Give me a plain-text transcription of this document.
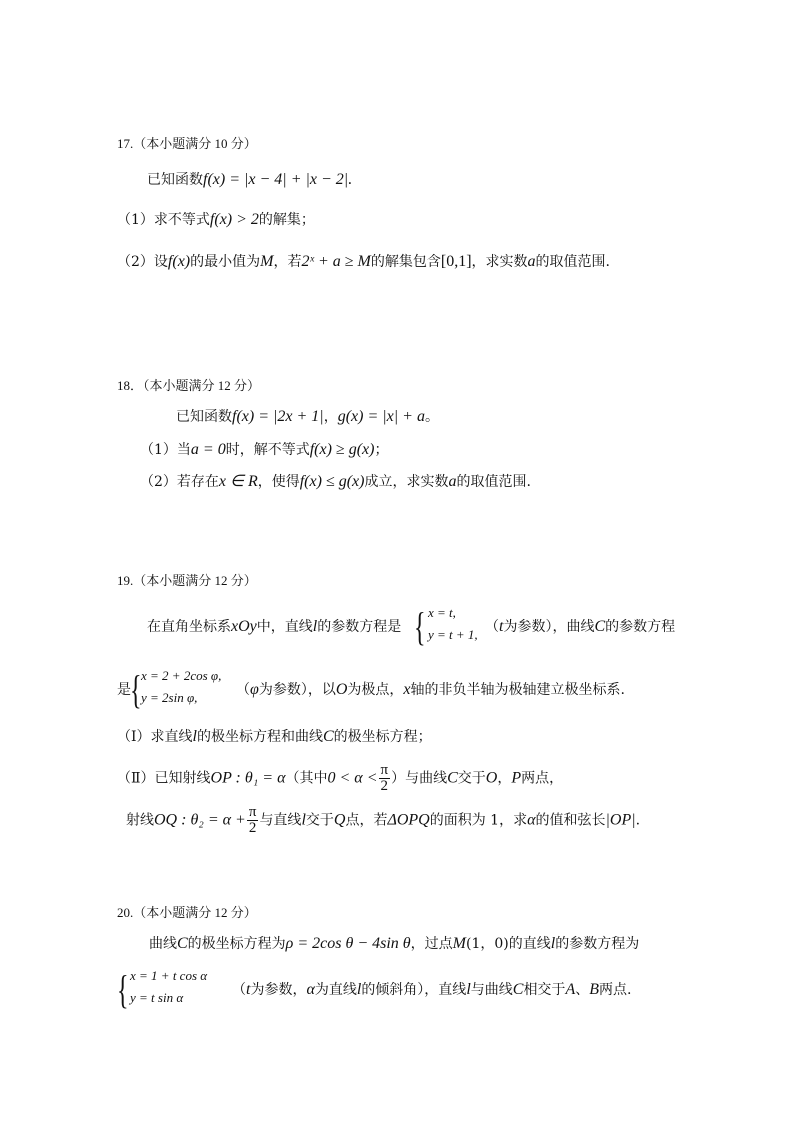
17.（本小题满分 10 分）
已知函数f(x) = |x − 4| + |x − 2|.
（1）求不等式f(x) > 2的解集；
（2）设f(x)的最小值为M，若2ˣ + a ≥ M的解集包含[0,1]，求实数a的取值范围.
18．（本小题满分 12 分）
已知函数f(x) = |2x + 1|，g(x) = |x| + a。
（1）当a = 0时，解不等式f(x) ≥ g(x)；
（2）若存在x ∈ R，使得f(x) ≤ g(x)成立，求实数a的取值范围.
19.（本小题满分 12 分）
在直角坐标系xOy中，直线l的参数方程是 { x = t,
y = t + 1, （t为参数），曲线C的参数方程
是 { x = 2 + 2cos φ,
y = 2sin φ,	（φ为参数），以O为极点，x轴的非负半轴为极轴建立极坐标系.
（Ⅰ）求直线l的极坐标方程和曲线C的极坐标方程；
（Ⅱ）已知射线OP : θ₁ = α（其中$0 < \alpha < \frac{\pi}{2}$ ）与曲线C交于O，P两点，
射线OQ : $\theta_2 = \alpha + \frac{\pi}{2}$ 与直线l交于Q点，若ΔOPQ的面积为 1，求α的值和弦长|OP|.
20.（本小题满分 12 分）
曲线C的极坐标方程为ρ = 2cos θ − 4sin θ，过点M(1，0)的直线l的参数方程为
{ x = 1 + t cos α
y = t sin α	（t为参数，α为直线l的倾斜角），直线l与曲线C相交于A、B两点.
